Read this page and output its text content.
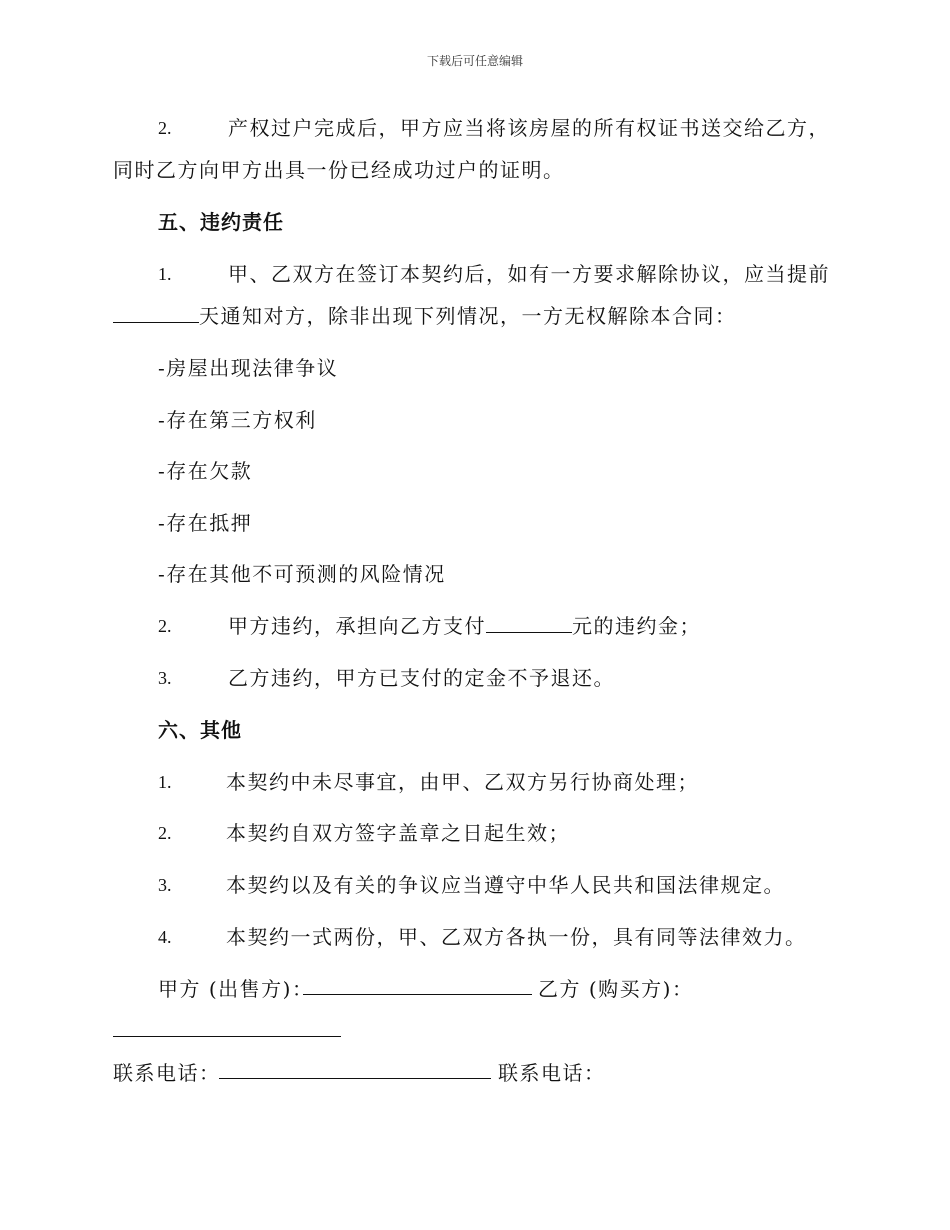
下载后可任意编辑
2.	产权过户完成后，甲方应当将该房屋的所有权证书送交给乙方，
同时乙方向甲方出具一份已经成功过户的证明。
五、违约责任
1.	甲、乙双方在签订本契约后，如有一方要求解除协议，应当提前
天通知对方，除非出现下列情况，一方无权解除本合同：
-房屋出现法律争议
-存在第三方权利
-存在欠款
-存在抵押
-存在其他不可预测的风险情况
2.	甲方违约，承担向乙方支付	元的违约金；
3.	乙方违约，甲方已支付的定金不予退还。
六、其他
1.	本契约中未尽事宜，由甲、乙双方另行协商处理；
2.	本契约自双方签字盖章之日起生效；
3.	本契约以及有关的争议应当遵守中华人民共和国法律规定。
4.	本契约一式两份，甲、乙双方各执一份，具有同等法律效力。
甲方 (出售方)：	乙方 (购买方)：
联系电话：	联系电话：
